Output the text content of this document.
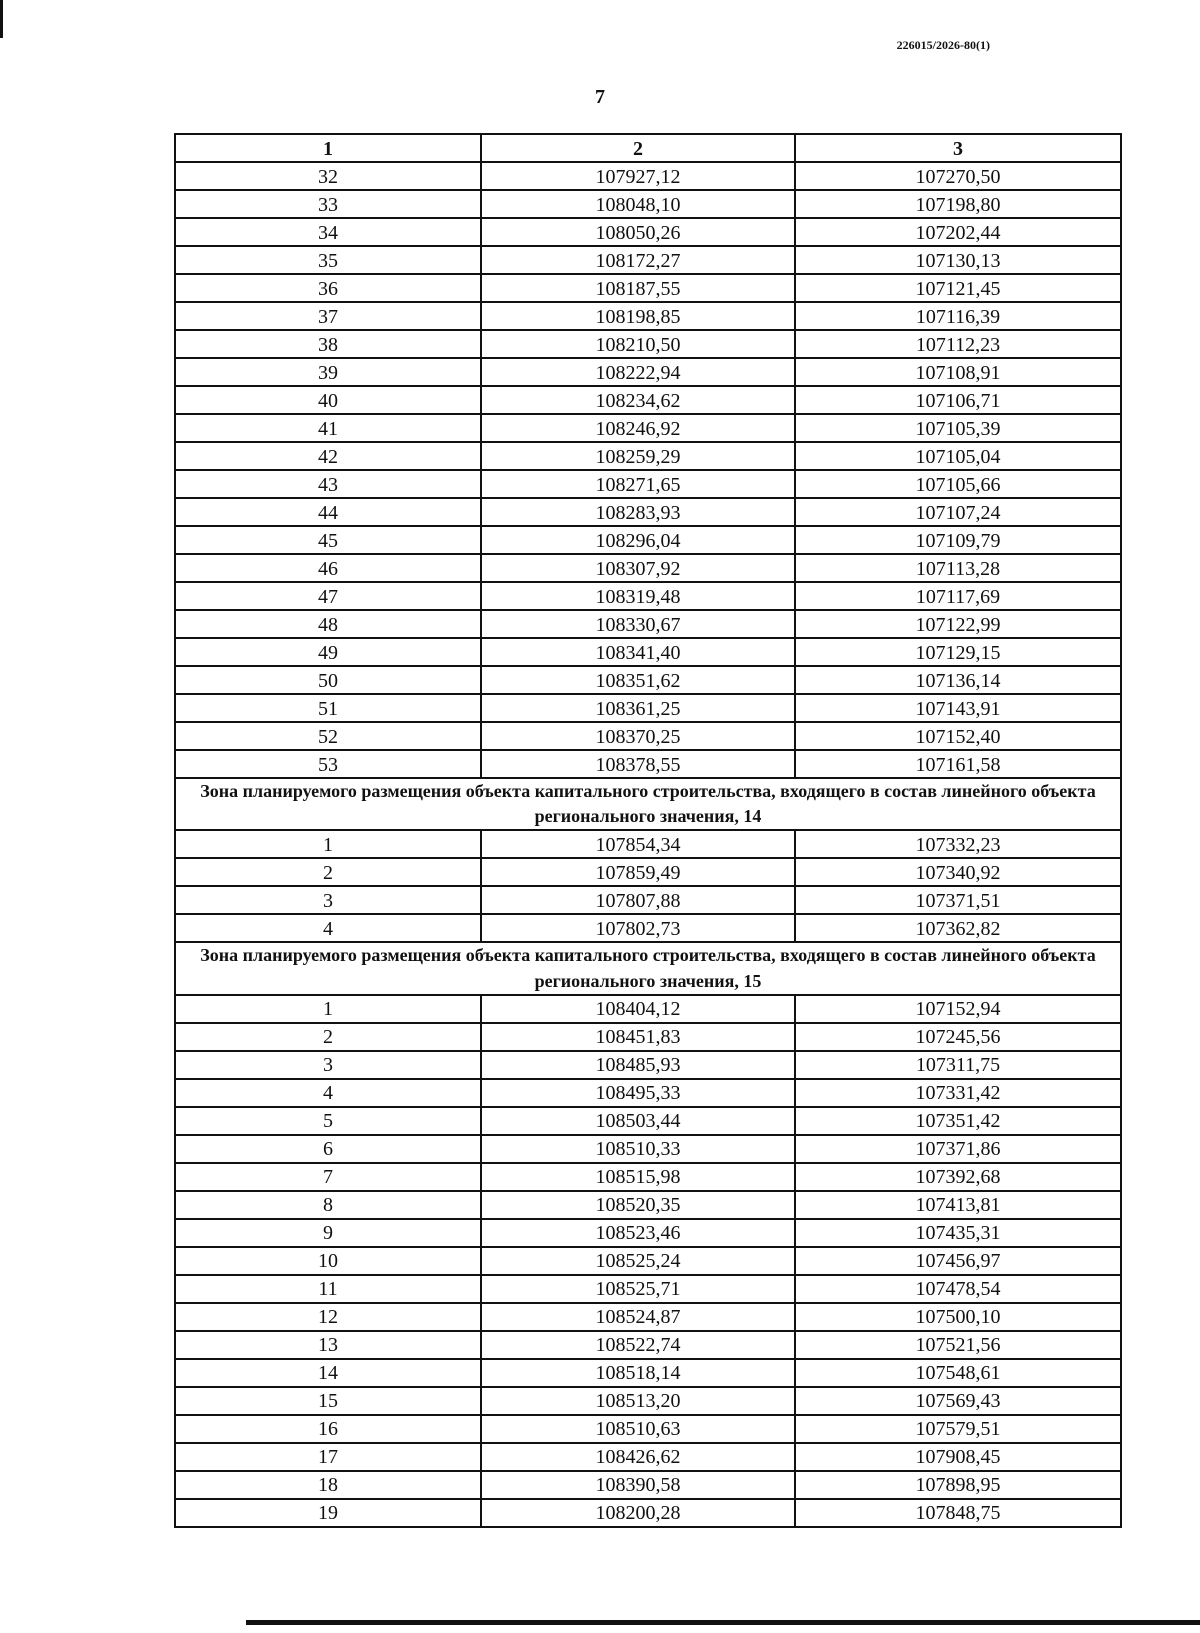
226015/2026-80(1)
7
1	2	3
32	107927,12	107270,50
33	108048,10	107198,80
34	108050,26	107202,44
35	108172,27	107130,13
36	108187,55	107121,45
37	108198,85	107116,39
38	108210,50	107112,23
39	108222,94	107108,91
40	108234,62	107106,71
41	108246,92	107105,39
42	108259,29	107105,04
43	108271,65	107105,66
44	108283,93	107107,24
45	108296,04	107109,79
46	108307,92	107113,28
47	108319,48	107117,69
48	108330,67	107122,99
49	108341,40	107129,15
50	108351,62	107136,14
51	108361,25	107143,91
52	108370,25	107152,40
53	108378,55	107161,58
Зона планируемого размещения объекта капитального строительства, входящего в состав линейного объекта регионального значения, 14		
1	107854,34	107332,23
2	107859,49	107340,92
3	107807,88	107371,51
4	107802,73	107362,82
Зона планируемого размещения объекта капитального строительства, входящего в состав линейного объекта регионального значения, 15		
1	108404,12	107152,94
2	108451,83	107245,56
3	108485,93	107311,75
4	108495,33	107331,42
5	108503,44	107351,42
6	108510,33	107371,86
7	108515,98	107392,68
8	108520,35	107413,81
9	108523,46	107435,31
10	108525,24	107456,97
11	108525,71	107478,54
12	108524,87	107500,10
13	108522,74	107521,56
14	108518,14	107548,61
15	108513,20	107569,43
16	108510,63	107579,51
17	108426,62	107908,45
18	108390,58	107898,95
19	108200,28	107848,75
